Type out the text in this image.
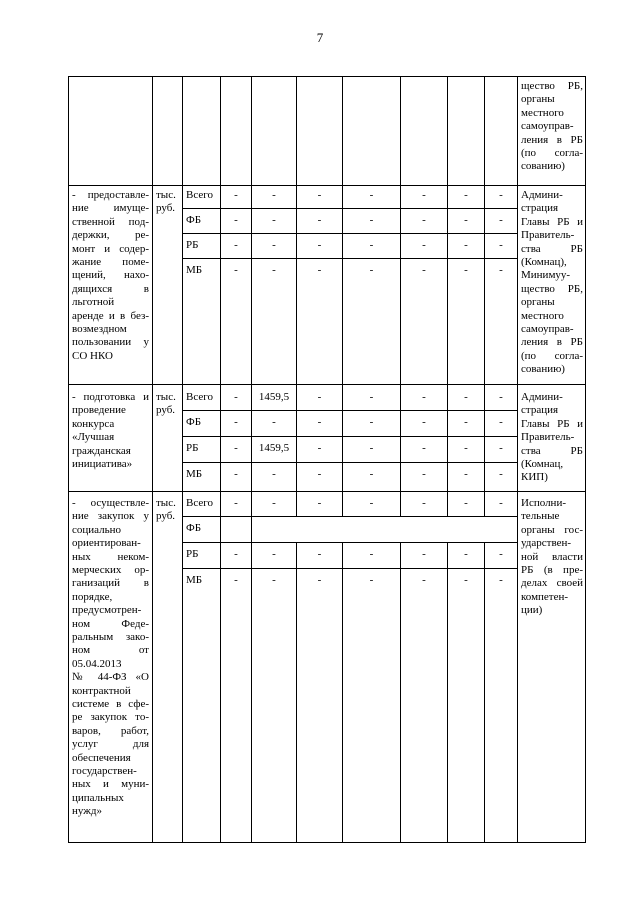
7
щество РБ,
органы
местного
самоуправ-
ления в РБ
(по согла-
сованию)
- предоставле-
ние имуще-
ственной под-
держки, ре-
монт и содер-
жание поме-
щений, нахо-
дящихся в
льготной
аренде и в без-
возмездном
пользовании у
СО НКО
тыс.
руб.
Всего	-	-	-	-	-	-	-
ФБ	-	-	-	-	-	-	-
РБ	-	-	-	-	-	-	-
МБ	-	-	-	-	-	-	-
Админи-
страция
Главы РБ и
Правитель-
ства РБ
(Комнац),
Минимуу-
щество РБ,
органы
местного
самоуправ-
ления в РБ
(по согла-
сованию)
- подготовка и
проведение
конкурса
«Лучшая
гражданская
инициатива»
тыс.
руб.
Всего	-	1459,5	-	-	-	-	-
ФБ	-	-	-	-	-	-	-
РБ	-	1459,5	-	-	-	-	-
МБ	-	-	-	-	-	-	-
Админи-
страция
Главы РБ и
Правитель-
ства РБ
(Комнац,
КИП)
- осуществле-
ние закупок у
социально
ориентирован-
ных неком-
мерческих ор-
ганизаций в
порядке,
предусмотрен-
ном Феде-
ральным зако-
ном от
05.04.2013
№ 44-ФЗ «О
контрактной
системе в сфе-
ре закупок то-
варов, работ,
услуг для
обеспечения
государствен-
ных и муни-
ципальных
нужд»
тыс.
руб.
Всего	-	-	-	-	-	-	-
ФБ
РБ	-	-	-	-	-	-	-
МБ	-	-	-	-	-	-	-
Исполни-
тельные
органы гос-
ударствен-
ной власти
РБ (в пре-
делах своей
компетен-
ции)
